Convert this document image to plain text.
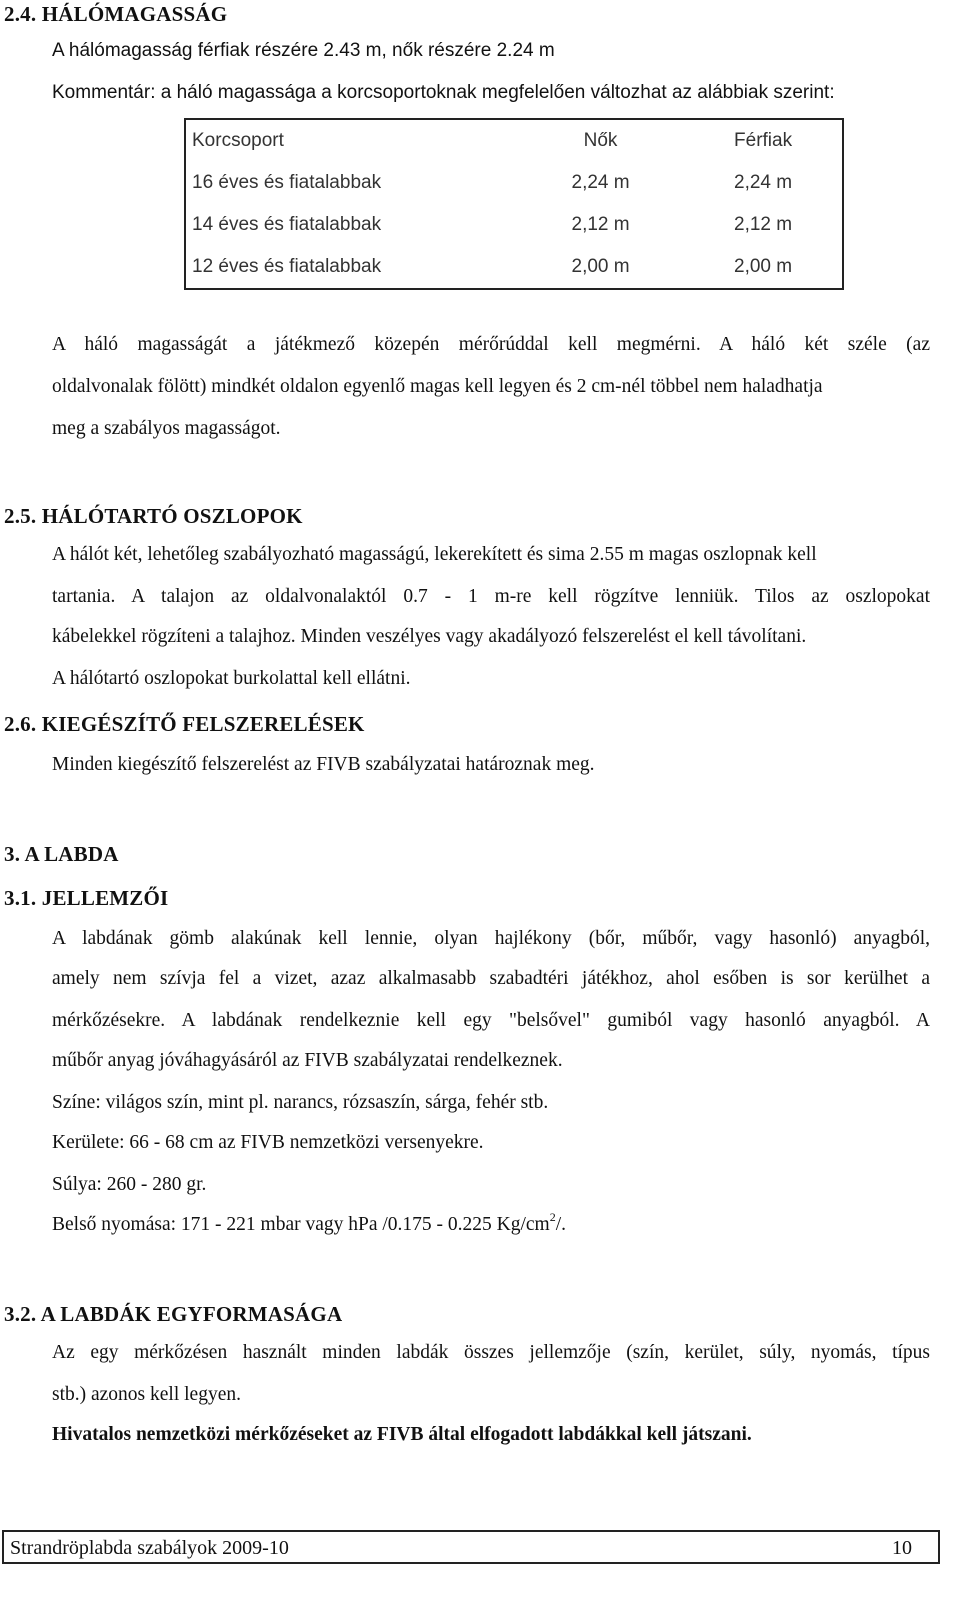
2.4. HÁLÓMAGASSÁG
A hálómagasság férfiak részére 2.43 m, nők részére 2.24 m
Kommentár: a háló magassága a korcsoportoknak megfelelően változhat az alábbiak szerint:
Korcsoport	Nők	Férfiak
16 éves és fiatalabbak	2,24 m	2,24 m
14 éves és fiatalabbak	2,12 m	2,12 m
12 éves és fiatalabbak	2,00 m	2,00 m
A háló magasságát a játékmező közepén mérőrúddal kell megmérni. A háló két széle (az
oldalvonalak fölött) mindkét oldalon egyenlő magas kell legyen és 2 cm-nél többel nem haladhatja
meg a szabályos magasságot.
2.5. HÁLÓTARTÓ OSZLOPOK
A hálót két, lehetőleg szabályozható magasságú, lekerekített és sima 2.55 m magas oszlopnak kell
tartania. A talajon az oldalvonalaktól 0.7 - 1 m-re kell rögzítve lenniük. Tilos az oszlopokat
kábelekkel rögzíteni a talajhoz. Minden veszélyes vagy akadályozó felszerelést el kell távolítani.
A hálótartó oszlopokat burkolattal kell ellátni.
2.6. KIEGÉSZÍTŐ FELSZERELÉSEK
Minden kiegészítő felszerelést az FIVB szabályzatai határoznak meg.
3. A LABDA
3.1. JELLEMZŐI
A labdának gömb alakúnak kell lennie, olyan hajlékony (bőr, műbőr, vagy hasonló) anyagból,
amely nem szívja fel a vizet, azaz alkalmasabb szabadtéri játékhoz, ahol esőben is sor kerülhet a
mérkőzésekre. A labdának rendelkeznie kell egy "belsővel" gumiból vagy hasonló anyagból. A
műbőr anyag jóváhagyásáról az FIVB szabályzatai rendelkeznek.
Színe: világos szín, mint pl. narancs, rózsaszín, sárga, fehér stb.
Kerülete: 66 - 68 cm az FIVB nemzetközi versenyekre.
Súlya: 260 - 280 gr.
Belső nyomása: 171 - 221 mbar vagy hPa /0.175 - 0.225 $Kg/cm^2/$.
3.2. A LABDÁK EGYFORMASÁGA
Az egy mérkőzésen használt minden labdák összes jellemzője (szín, kerület, súly, nyomás, típus
stb.) azonos kell legyen.
Hivatalos nemzetközi mérkőzéseket az FIVB által elfogadott labdákkal kell játszani.
Strandröplabda szabályok 2009-10	10
